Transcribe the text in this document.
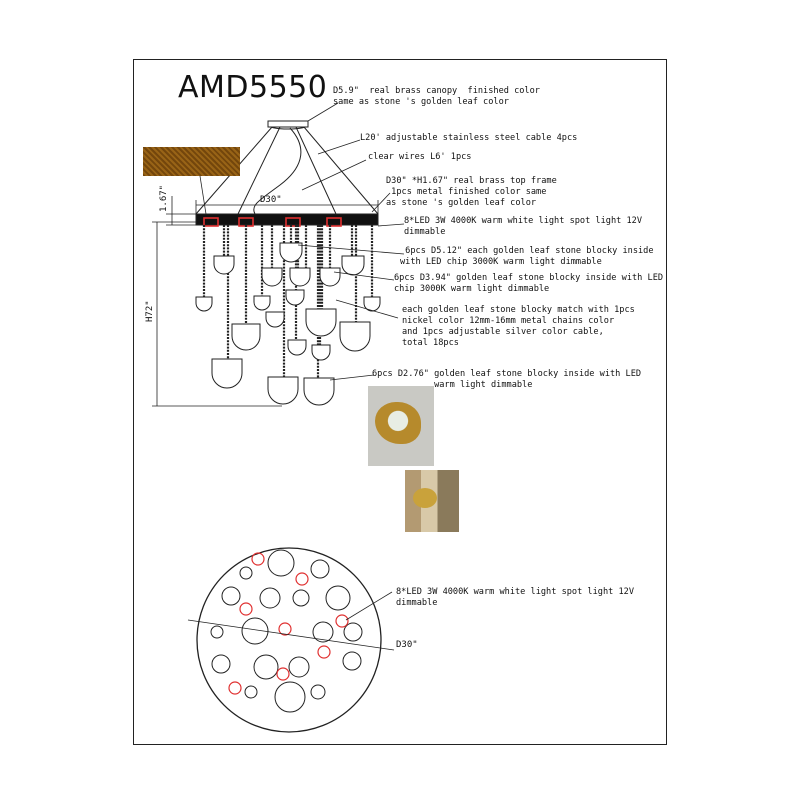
AMD5550
D30"
1.67"
H72"
D30"
D5.9"  real brass canopy  finished color
same as stone 's golden leaf color
L20' adjustable stainless steel cable 4pcs
clear wires L6' 1pcs
D30" *H1.67" real brass top frame
1pcs metal finished color same
as stone 's golden leaf color
8*LED 3W 4000K warm white light spot light 12V
dimmable
6pcs D5.12" each golden leaf stone blocky inside
with LED chip 3000K warm light dimmable
6pcs D3.94" golden leaf stone blocky inside with LED
chip 3000K warm light dimmable
each golden leaf stone blocky match with 1pcs
nickel color 12mm-16mm metal chains color
and 1pcs adjustable silver color cable,
total 18pcs
6pcs D2.76" golden leaf stone blocky inside with LED
warm light dimmable
8*LED 3W 4000K warm white light spot light 12V
dimmable
